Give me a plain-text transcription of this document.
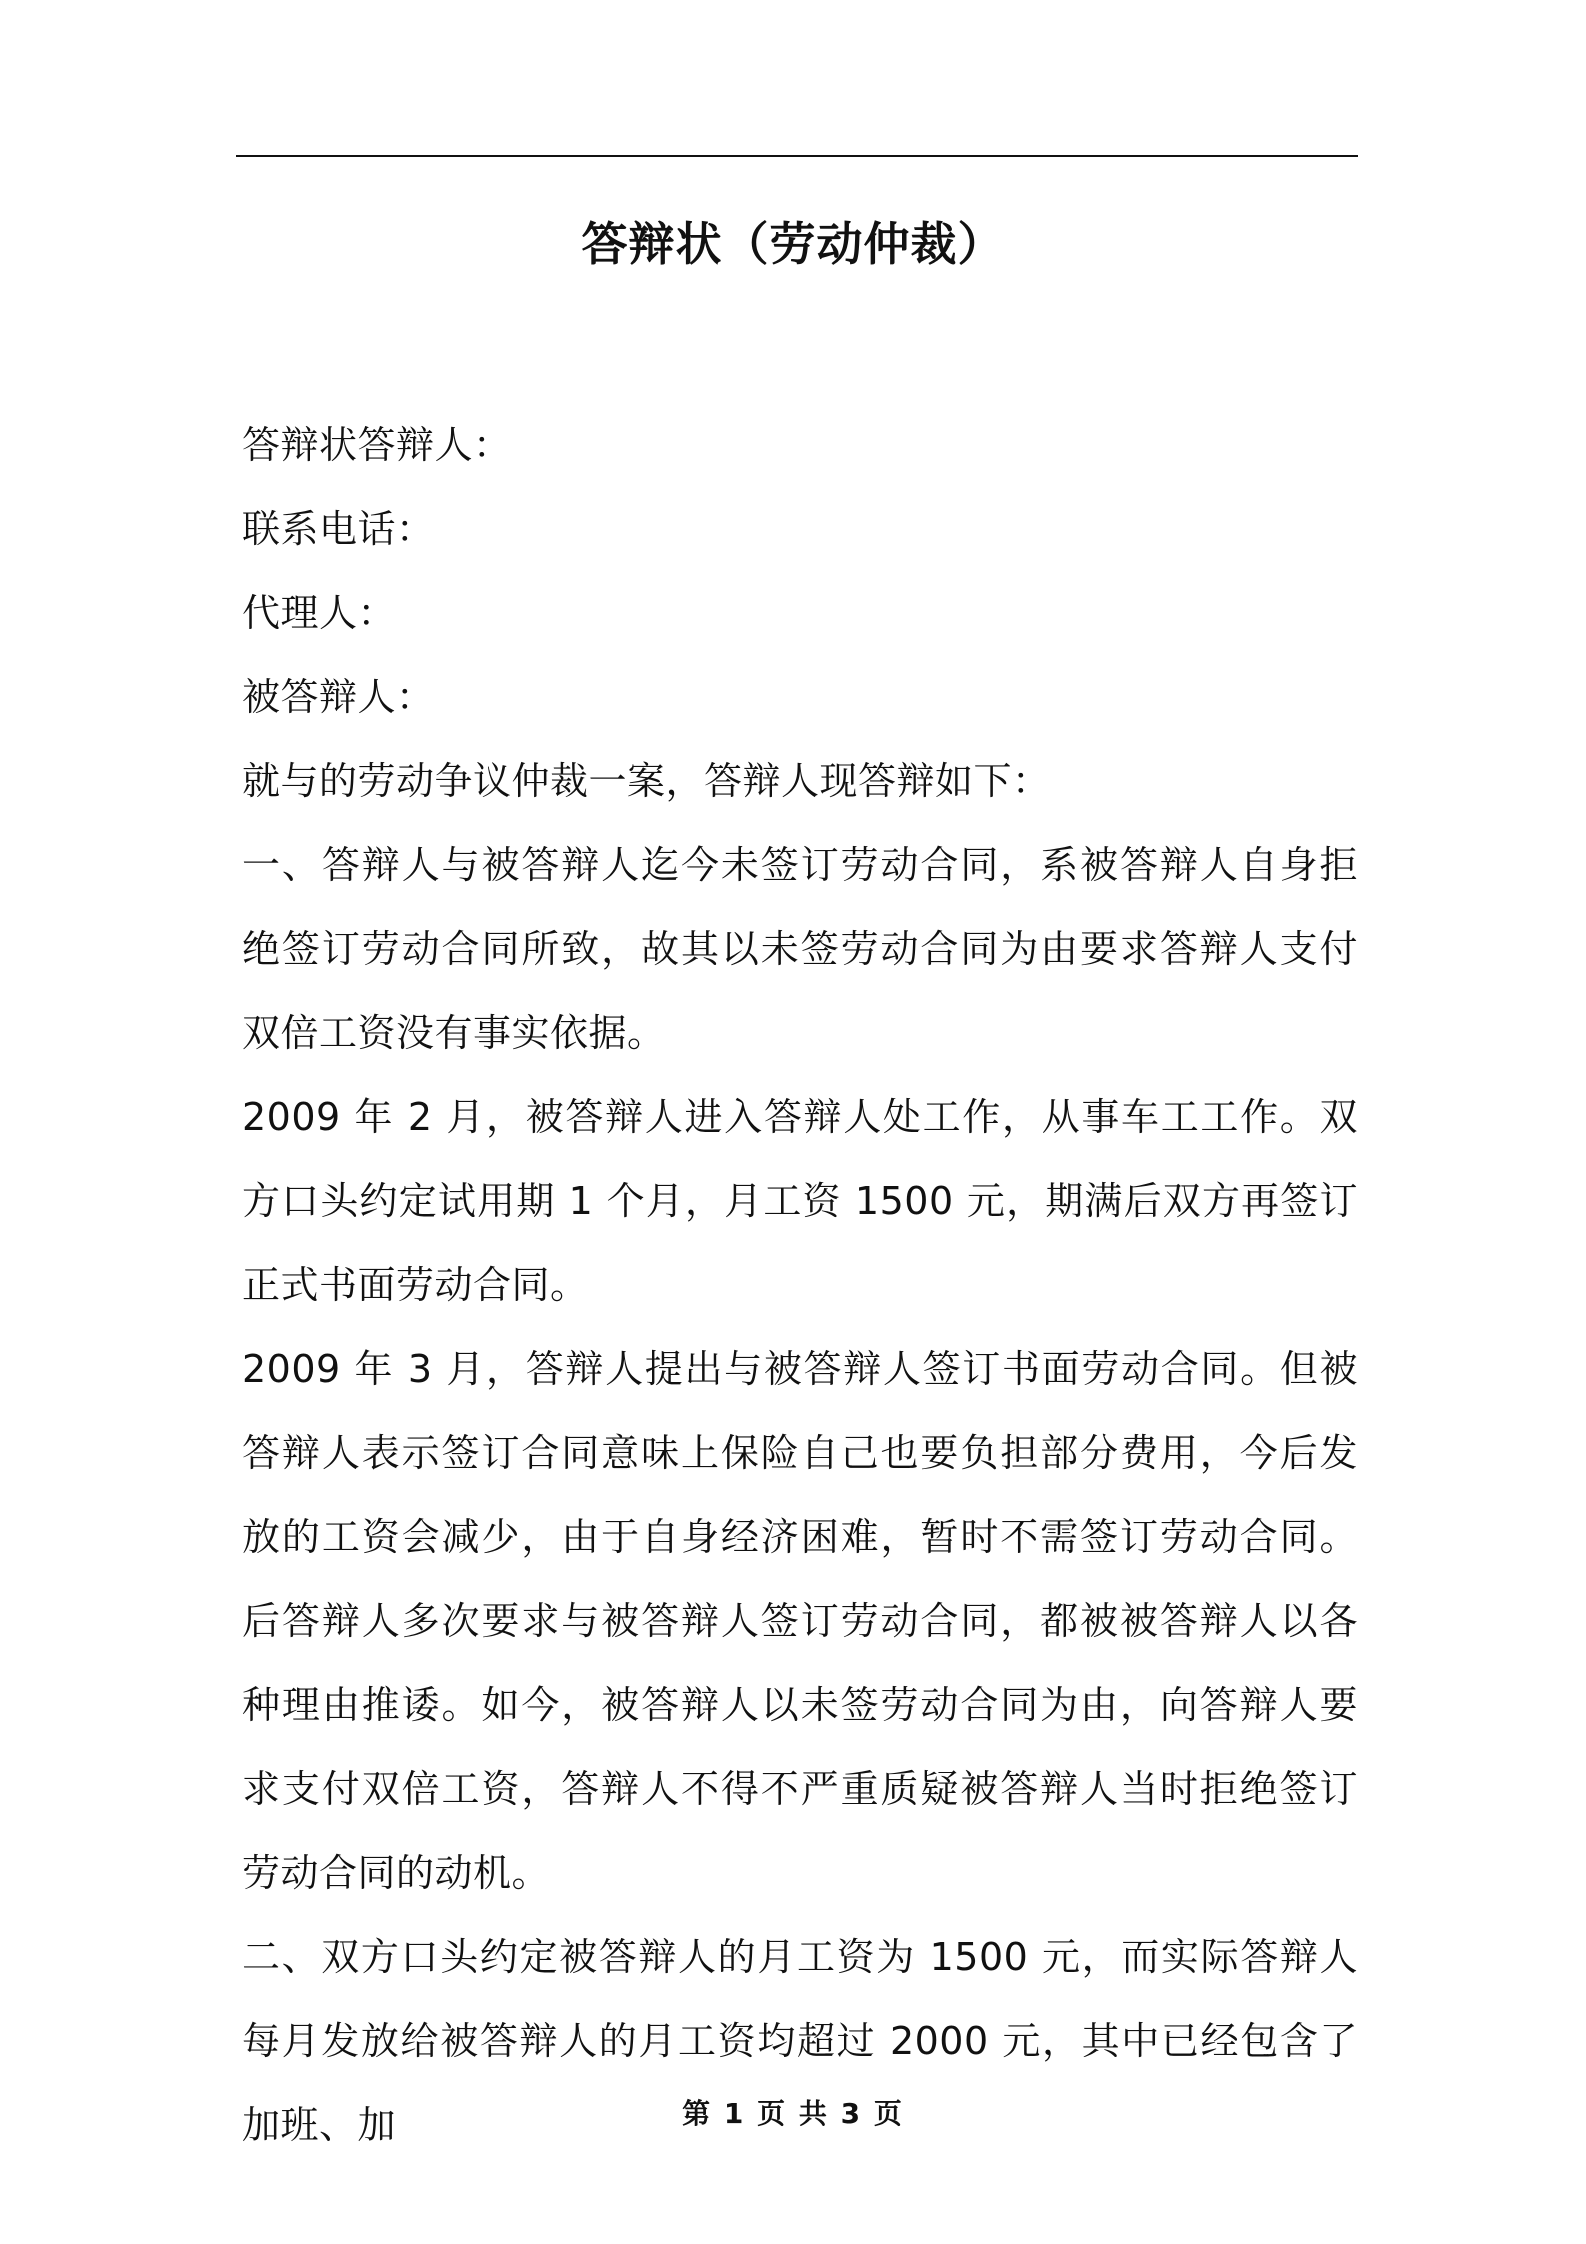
答辩状（劳动仲裁）

答辩状答辩人：

联系电话：

代理人：

被答辩人：

就与的劳动争议仲裁一案，答辩人现答辩如下：

一、答辩人与被答辩人迄今未签订劳动合同，系被答辩人自身拒绝签订劳动合同所致，故其以未签劳动合同为由要求答辩人支付双倍工资没有事实依据。

2009 年 2 月，被答辩人进入答辩人处工作，从事车工工作。双方口头约定试用期 1 个月，月工资 1500 元，期满后双方再签订正式书面劳动合同。

2009 年 3 月，答辩人提出与被答辩人签订书面劳动合同。但被答辩人表示签订合同意味上保险自己也要负担部分费用，今后发放的工资会减少，由于自身经济困难，暂时不需签订劳动合同。后答辩人多次要求与被答辩人签订劳动合同，都被被答辩人以各种理由推诿。如今，被答辩人以未签劳动合同为由，向答辩人要求支付双倍工资，答辩人不得不严重质疑被答辩人当时拒绝签订劳动合同的动机。

二、双方口头约定被答辩人的月工资为 1500 元，而实际答辩人每月发放给被答辩人的月工资均超过 2000 元，其中已经包含了加班、加	第 1 页 共 3 页
